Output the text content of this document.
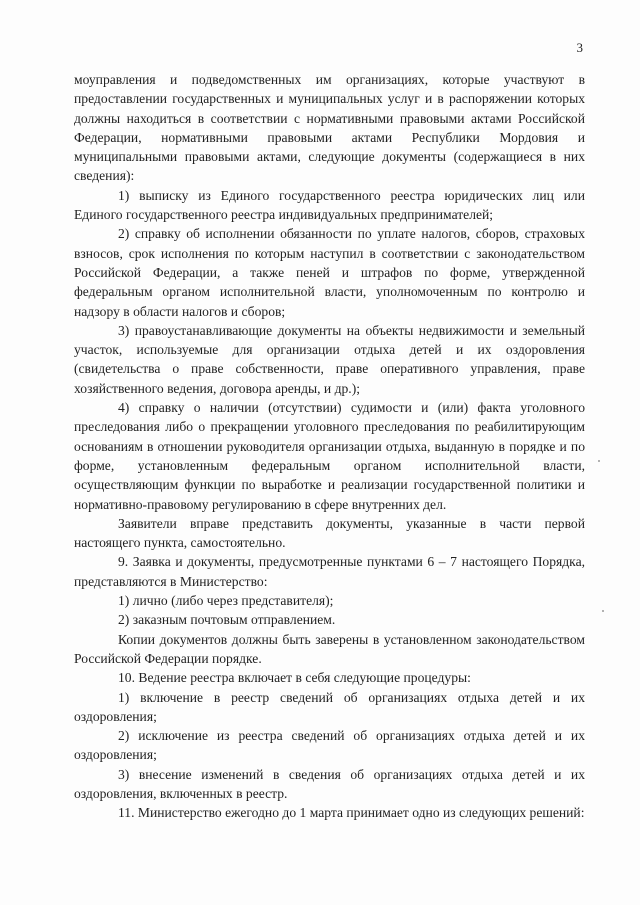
3

моуправления и подведомственных им организациях, которые участвуют в предоставлении государственных и муниципальных услуг и в распоряжении которых должны находиться в соответствии с нормативными правовыми актами Российской Федерации, нормативными правовыми актами Республики Мордовия и муниципальными правовыми актами, следующие документы (содержащиеся в них сведения):

1) выписку из Единого государственного реестра юридических лиц или Единого государственного реестра индивидуальных предпринимателей;

2) справку об исполнении обязанности по уплате налогов, сборов, страховых взносов, срок исполнения по которым наступил в соответствии с законодательством Российской Федерации, а также пеней и штрафов по форме, утвержденной федеральным органом исполнительной власти, уполномоченным по контролю и надзору в области налогов и сборов;

3) правоустанавливающие документы на объекты недвижимости и земельный участок, используемые для организации отдыха детей и их оздоровления (свидетельства о праве собственности, праве оперативного управления, праве хозяйственного ведения, договора аренды, и др.);

4) справку о наличии (отсутствии) судимости и (или) факта уголовного преследования либо о прекращении уголовного преследования по реабилитирующим основаниям в отношении руководителя организации отдыха, выданную в порядке и по форме, установленным федеральным органом исполнительной власти, осуществляющим функции по выработке и реализации государственной политики и нормативно-правовому регулированию в сфере внутренних дел.

Заявители вправе представить документы, указанные в части первой настоящего пункта, самостоятельно.

9. Заявка и документы, предусмотренные пунктами 6 – 7 настоящего Порядка, представляются в Министерство:

1) лично (либо через представителя);

2) заказным почтовым отправлением.

Копии документов должны быть заверены в установленном законодательством Российской Федерации порядке.

10. Ведение реестра включает в себя следующие процедуры:

1) включение в реестр сведений об организациях отдыха детей и их оздоровления;

2) исключение из реестра сведений об организациях отдыха детей и их оздоровления;

3) внесение изменений в сведения об организациях отдыха детей и их оздоровления, включенных в реестр.

11. Министерство ежегодно до 1 марта принимает одно из следующих решений:
